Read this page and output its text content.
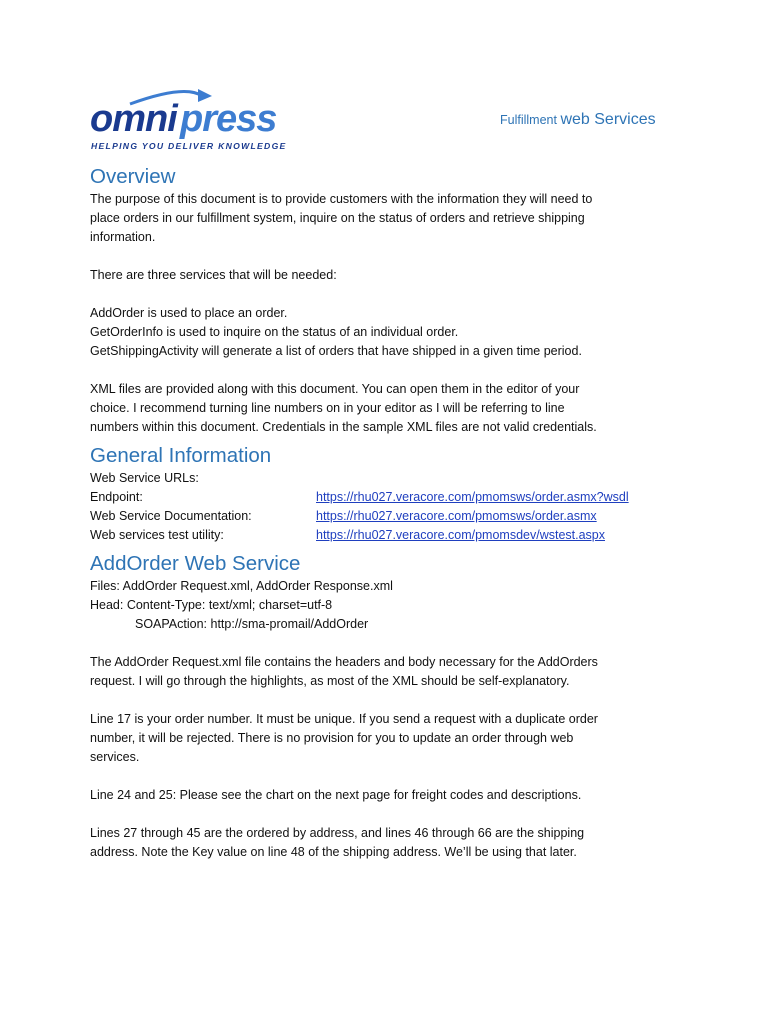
omni press
HELPING YOU DELIVER KNOWLEDGE
Fulfillment web Services
Overview

The purpose of this document is to provide customers with the information they will need to

place orders in our fulfillment system, inquire on the status of orders and retrieve shipping

information.

There are three services that will be needed:

AddOrder is used to place an order.

GetOrderInfo is used to inquire on the status of an individual order.

GetShippingActivity will generate a list of orders that have shipped in a given time period.

XML files are provided along with this document. You can open them in the editor of your

choice. I recommend turning line numbers on in your editor as I will be referring to line

numbers within this document. Credentials in the sample XML files are not valid credentials.

General Information

Web Service URLs:

Endpoint:	https://rhu027.veracore.com/pmomsws/order.asmx?wsdl
Web Service Documentation:	https://rhu027.veracore.com/pmomsws/order.asmx
Web services test utility:	https://rhu027.veracore.com/pmomsdev/wstest.aspx
AddOrder Web Service

Files: AddOrder Request.xml, AddOrder Response.xml

Head: Content-Type: text/xml; charset=utf-8

SOAPAction: http://sma-promail/AddOrder

The AddOrder Request.xml file contains the headers and body necessary for the AddOrders

request. I will go through the highlights, as most of the XML should be self-explanatory.

Line 17 is your order number. It must be unique. If you send a request with a duplicate order

number, it will be rejected. There is no provision for you to update an order through web

services.

Line 24 and 25: Please see the chart on the next page for freight codes and descriptions.

Lines 27 through 45 are the ordered by address, and lines 46 through 66 are the shipping

address. Note the Key value on line 48 of the shipping address. We’ll be using that later.
